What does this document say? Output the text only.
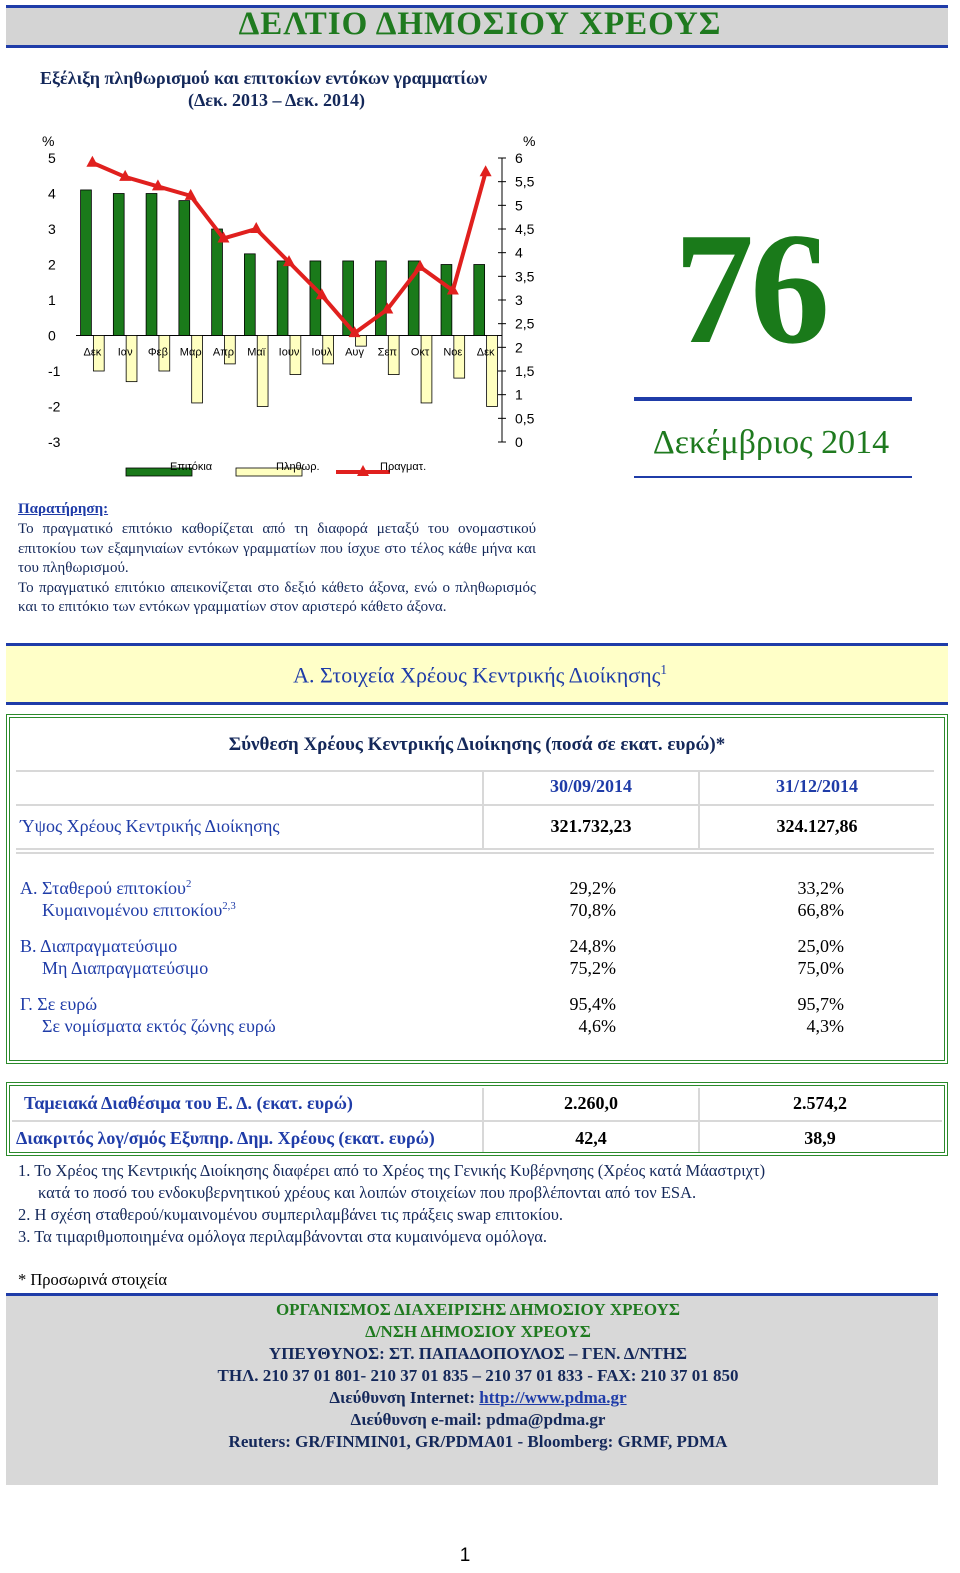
ΔΕΛΤΙΟ ΔΗΜΟΣΙΟΥ ΧΡΕΟΥΣ
Εξέλιξη πληθωρισμού και επιτοκίων εντόκων γραμματίων
(Δεκ. 2013 – Δεκ. 2014)
%	%
5
4
3
2
1
0
-1
-2
-3
6
5,5
5
4,5
4
3,5
3
2,5
2
1,5
1
0,5
0
Δεκ Ιαν Φεβ Μαρ Απρ Μαϊ Ιουν Ιουλ Αυγ Σεπ Οκτ Νοε Δεκ
Επιτόκια	Πληθωρ.	Πραγματ.
76
Δεκέμβριος 2014
Παρατήρηση:
Το πραγματικό επιτόκιο καθορίζεται από τη διαφορά μεταξύ του ονομαστικού επιτοκίου των εξαμηνιαίων εντόκων γραμματίων που ίσχυε στο τέλος κάθε μήνα και του πληθωρισμού.
Το πραγματικό επιτόκιο απεικονίζεται στο δεξιό κάθετο άξονα, ενώ ο πληθωρισμός και το επιτόκιο των εντόκων γραμματίων στον αριστερό κάθετο άξονα.
Α. Στοιχεία Χρέους Κεντρικής Διοίκησης$^1$
Σύνθεση Χρέους Κεντρικής Διοίκησης (ποσά σε εκατ. ευρώ)*
30/09/2014	31/12/2014
Ύψος Χρέους Κεντρικής Διοίκησης	321.732,23	324.127,86
Α. Σταθερού επιτοκίου$^2$	29,2%	33,2%
Κυμαινομένου επιτοκίου$^{2,3}$	70,8%	66,8%
Β. Διαπραγματεύσιμο	24,8%	25,0%
Μη Διαπραγματεύσιμο	75,2%	75,0%
Γ. Σε ευρώ	95,4%	95,7%
Σε νομίσματα εκτός ζώνης ευρώ	4,6%	4,3%
Ταμειακά Διαθέσιμα του Ε. Δ. (εκατ. ευρώ)	2.260,0	2.574,2
Διακριτός λογ/σμός Εξυπηρ. Δημ. Χρέους (εκατ. ευρώ)	42,4	38,9
1. Το Χρέος της Κεντρικής Διοίκησης διαφέρει από το Χρέος της Γενικής Κυβέρνησης (Χρέος κατά Μάαστριχτ)
κατά το ποσό του ενδοκυβερνητικού χρέους και λοιπών στοιχείων που προβλέπονται από τον ESA.
2. Η σχέση σταθερού/κυμαινομένου συμπεριλαμβάνει τις πράξεις swap επιτοκίου.
3. Τα τιμαριθμοποιημένα ομόλογα περιλαμβάνονται στα κυμαινόμενα ομόλογα.
* Προσωρινά στοιχεία
ΟΡΓΑΝΙΣΜΟΣ ΔΙΑΧΕΙΡΙΣΗΣ ΔΗΜΟΣΙΟΥ ΧΡΕΟΥΣ
Δ/ΝΣΗ ΔΗΜΟΣΙΟΥ ΧΡΕΟΥΣ
ΥΠΕΥΘΥΝΟΣ: ΣΤ. ΠΑΠΑΔΟΠΟΥΛΟΣ – ΓΕΝ. Δ/ΝΤΗΣ
ΤΗΛ. 210 37 01 801- 210 37 01 835 – 210 37 01 833 - FAX: 210 37 01 850
Διεύθυνση Internet: http://www.pdma.gr
Διεύθυνση e-mail: pdma@pdma.gr
Reuters: GR/FINMIN01, GR/PDMA01 - Bloomberg: GRMF, PDMA
1
